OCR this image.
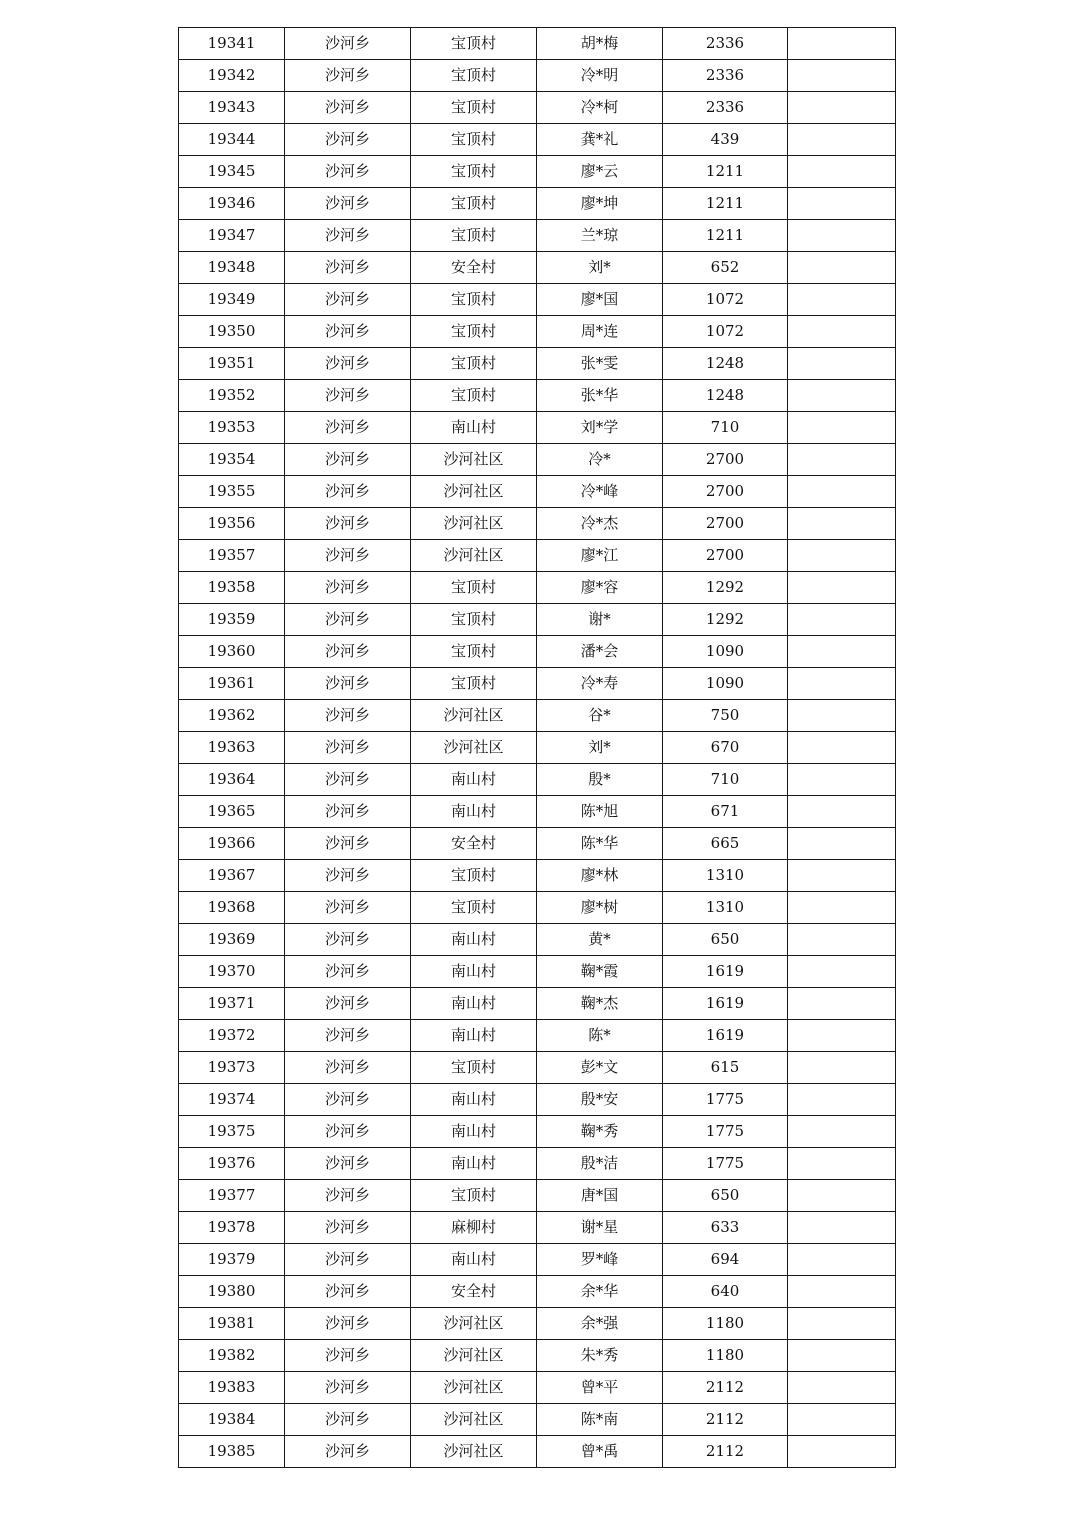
19341	沙河乡	宝顶村	胡*梅	2336	
19342	沙河乡	宝顶村	冷*明	2336	
19343	沙河乡	宝顶村	冷*柯	2336	
19344	沙河乡	宝顶村	龚*礼	439	
19345	沙河乡	宝顶村	廖*云	1211	
19346	沙河乡	宝顶村	廖*坤	1211	
19347	沙河乡	宝顶村	兰*琼	1211	
19348	沙河乡	安全村	刘*	652	
19349	沙河乡	宝顶村	廖*国	1072	
19350	沙河乡	宝顶村	周*连	1072	
19351	沙河乡	宝顶村	张*雯	1248	
19352	沙河乡	宝顶村	张*华	1248	
19353	沙河乡	南山村	刘*学	710	
19354	沙河乡	沙河社区	冷*	2700	
19355	沙河乡	沙河社区	冷*峰	2700	
19356	沙河乡	沙河社区	冷*杰	2700	
19357	沙河乡	沙河社区	廖*江	2700	
19358	沙河乡	宝顶村	廖*容	1292	
19359	沙河乡	宝顶村	谢*	1292	
19360	沙河乡	宝顶村	潘*会	1090	
19361	沙河乡	宝顶村	冷*寿	1090	
19362	沙河乡	沙河社区	谷*	750	
19363	沙河乡	沙河社区	刘*	670	
19364	沙河乡	南山村	殷*	710	
19365	沙河乡	南山村	陈*旭	671	
19366	沙河乡	安全村	陈*华	665	
19367	沙河乡	宝顶村	廖*林	1310	
19368	沙河乡	宝顶村	廖*树	1310	
19369	沙河乡	南山村	黄*	650	
19370	沙河乡	南山村	鞠*霞	1619	
19371	沙河乡	南山村	鞠*杰	1619	
19372	沙河乡	南山村	陈*	1619	
19373	沙河乡	宝顶村	彭*文	615	
19374	沙河乡	南山村	殷*安	1775	
19375	沙河乡	南山村	鞠*秀	1775	
19376	沙河乡	南山村	殷*洁	1775	
19377	沙河乡	宝顶村	唐*国	650	
19378	沙河乡	麻柳村	谢*星	633	
19379	沙河乡	南山村	罗*峰	694	
19380	沙河乡	安全村	余*华	640	
19381	沙河乡	沙河社区	余*强	1180	
19382	沙河乡	沙河社区	朱*秀	1180	
19383	沙河乡	沙河社区	曾*平	2112	
19384	沙河乡	沙河社区	陈*南	2112	
19385	沙河乡	沙河社区	曾*禹	2112	
